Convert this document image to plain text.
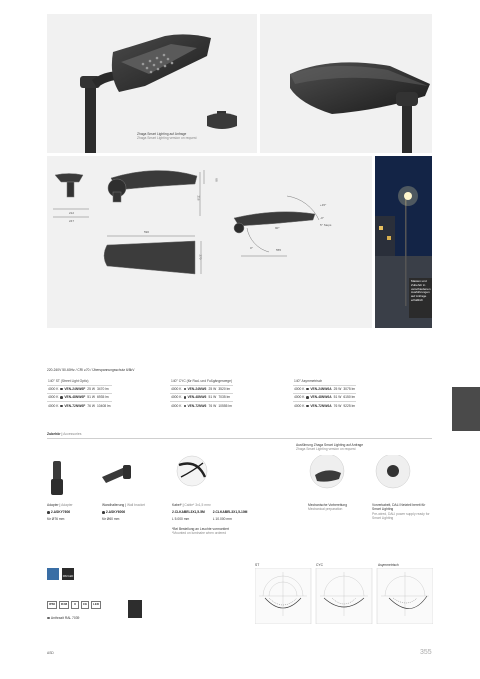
Zhaga Smart Lighting auf Anfrage
Zhaga Smart Lighting version on request
88
216
212
247
590
270
+15°
-0°
5° Steps
90°
0°	555
Masten und Zubehör in verschiedenen Ausführungen auf Anfrage erhältlich
220-240V 50-60Hz / CRI ≥70 / Überspannungsschutz 6/8kV
140° ST (Street Light Optic)			
4000 K	VEN-24NW6F	25 W	3470 lm
4000 K	VEN-48NW6F	51 W	6935 lm
4000 K	VEN-72NW6F	76 W	10408 lm
140° CYC (für Rad- und Fußgängerwege)			
4000 K	VEN-24NW6	25 W	3520 lm
4000 K	VEN-48NW6	51 W	7035 lm
4000 K	VEN-72NW6	76 W	10555 lm
140° Asymmetrisch			
4000 K	VEN-24NW6A	25 W	3075 lm
4000 K	VEN-48NW6A	51 W	6150 lm
4000 K	VEN-72NW6A	76 W	9225 lm
Zubehör | Accessories
Ausführung Zhaga Smart Lighting auf Anfrage
Zhaga Smart Lighting version on request
Adapter | Adapter
2.ASKY7606
für Ø76 mm
Wandhalterung | Wall bracket
2.ASKY6006
für Ø60 mm
Kabel* | Cable* 3x1,5 mm²
2.CLKABEL3X1,5-5M
L 5.000 mm
2.CLKABEL3X1,5-10M
L 10.000 mm
*Bei Bestellung an Leuchte vormontiert
*Mounted on luminaire when ordered
Mechanische Vorbereitung
Mechanical preparation
Vorverkabelt, DALI Netzteil bereit für Smart Lighting
Pre-wired, DALI power supply ready for Smart Lighting
ST	CYC	Asymmetrisch
DIM LED
IP66	IK08	II	CE	LED
Anthrazit RAL 7039
ASD	355
